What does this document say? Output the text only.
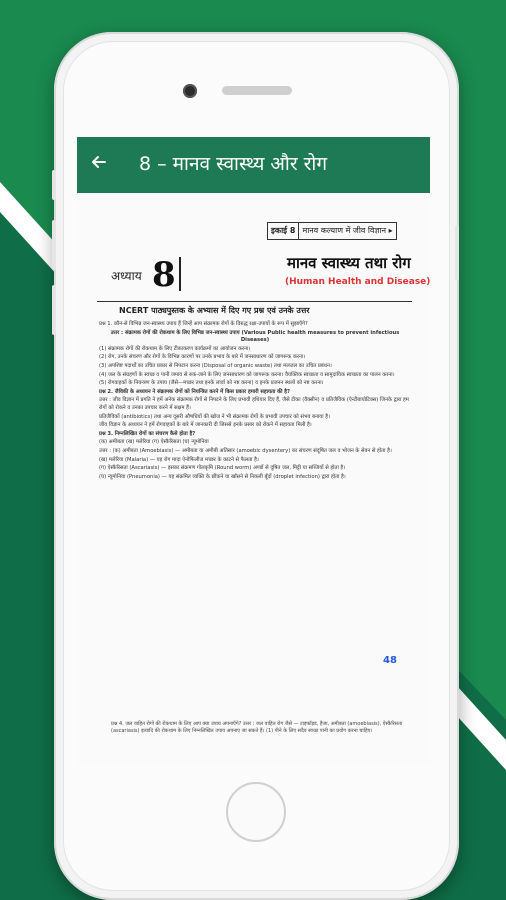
8 – मानव स्वास्थ्य और रोग
इकाई 8 मानव कल्याण में जीव विज्ञान ▸
अध्याय 8	मानव स्वास्थ्य तथा रोग
(Human Health and Disease)
NCERT पाठ्यपुस्तक के अभ्यास में दिए गए प्रश्न एवं उनके उत्तर

प्रश्न 1. कौन-से विभिन्न जन-स्वास्थ्य उपाय हैं जिन्हें आप संक्रामक रोगों के विरुद्ध रक्षा-उपायों के रूप में सुझाएँगे?

उत्तर : संक्रामक रोगों की रोकथाम के लिए विभिन्न जन-स्वास्थ्य उपाय (Various Public health measures to prevent infectious Diseases)

(1) संक्रामक रोगों की रोकथाम के लिए टीकाकरण कार्यक्रमों का आयोजन करना।

(2) रोग, उनके संचरण और रोगों के विभिन्न कारणों पर उनके प्रभाव के बारे में जनसाधारण को जागरूक करना।

(3) अपशिष्ट पदार्थों का उचित प्रकार से निपटान करना (Disposal of organic waste) तथा मलजल का उचित प्रबंधन।

(4) जल के संग्रहणों के स्वच्छ व पानी जमाव से रुक-जाने के लिए जनसाधारण को जागरूक करना। वैयक्तिक स्वच्छता व सामुदायिक स्वच्छता का पालन करना।

(5) रोगवाहकों के नियन्त्रण के उपाय (जैसे—मच्छर तथा इनके लार्वा को नष्ट करना) व इनके प्रजनन स्थलों को नष्ट करना।

प्रश्न 2. जैविकी के अध्ययन ने संक्रामक रोगों को नियन्त्रित करने में किस प्रकार हमारी सहायता की है?

उत्तर : जीव विज्ञान में प्रगति ने हमें अनेक संक्रामक रोगों से निपटने के लिए प्रभावी हथियार दिए हैं, जैसे टीका (वैक्सीन) व प्रतिजैविक (ऐन्टीबायोटिक्स) जिनके द्वारा हम रोगों को रोकने व उनका उपचार करने में सक्षम हैं।

प्रतिजैविकों (antibiotics) तथा अन्य दूसरी औषधियों की खोज ने भी संक्रामक रोगों के प्रभावी उपचार को संभव बनाया है।

जीव विज्ञान के अध्ययन ने हमें रोगवाहकों के बारे में जानकारी दी जिससे इनके प्रसार को रोकने में सहायता मिली है।

प्रश्न 3. निम्नलिखित रोगों का संचरण कैसे होता है?

(क) अमीबता (ख) मलेरिया (ग) ऐस्कैरिसता (घ) न्यूमोनिया

उत्तर : (क) अमीबता (Amoebiasis) — अमीबता या अमीबी अतिसार (amoebic dysentery) का संचरण संदूषित जल व भोजन के सेवन से होता है।

(ख) मलेरिया (Malaria) — यह रोग मादा ऐनोफिलीज मच्छर के काटने से फैलता है।

(ग) ऐस्कैरिसता (Ascariasis) — इसका संक्रमण गोलकृमि (Round worm) अण्डों से दूषित जल, मिट्टी या सब्जियों से होता है।

(घ) न्यूमोनिया (Pneumonia) — यह संक्रमित व्यक्ति के छींकने या खाँसने से निकली बूँदों (droplet infection) द्वारा होता है।

48
प्रश्न 4. जल वाहित रोगों की रोकथाम के लिए आप क्या उपाय अपनाएँगे? उत्तर : जल वाहित रोग जैसे — टाइफॉइड, हैजा, अमीबता (amoebiasis), ऐस्कैरिसता (ascariasis) इत्यादि की रोकथाम के लिए निम्नलिखित उपाय अपनाए जा सकते हैं। (1) पीने के लिए सदैव स्वच्छ पानी का प्रयोग करना चाहिए।
